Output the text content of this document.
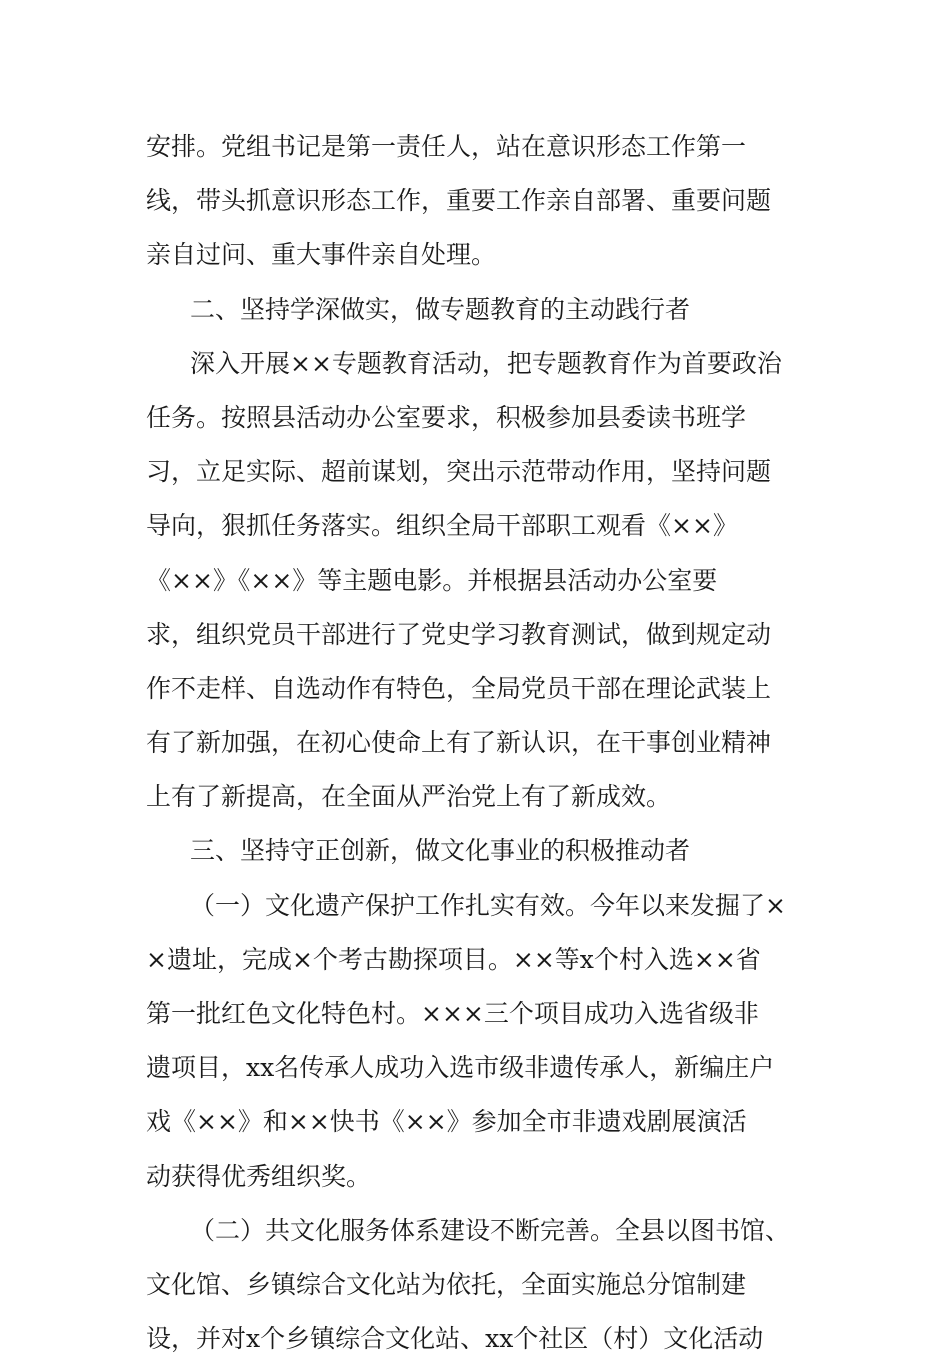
安排。党组书记是第一责任人，站在意识形态工作第一
线，带头抓意识形态工作，重要工作亲自部署、重要问题
亲自过问、重大事件亲自处理。
二、坚持学深做实，做专题教育的主动践行者
深入开展××专题教育活动，把专题教育作为首要政治
任务。按照县活动办公室要求，积极参加县委读书班学
习，立足实际、超前谋划，突出示范带动作用，坚持问题
导向，狠抓任务落实。组织全局干部职工观看《××》
《××》《××》等主题电影。并根据县活动办公室要
求，组织党员干部进行了党史学习教育测试，做到规定动
作不走样、自选动作有特色，全局党员干部在理论武装上
有了新加强，在初心使命上有了新认识，在干事创业精神
上有了新提高，在全面从严治党上有了新成效。
三、坚持守正创新，做文化事业的积极推动者
（一）文化遗产保护工作扎实有效。今年以来发掘了×
×遗址，完成×个考古勘探项目。××等x个村入选××省
第一批红色文化特色村。×××三个项目成功入选省级非
遗项目，xx名传承人成功入选市级非遗传承人，新编庄户
戏《××》和××快书《××》参加全市非遗戏剧展演活
动获得优秀组织奖。
（二）共文化服务体系建设不断完善。全县以图书馆、
文化馆、乡镇综合文化站为依托，全面实施总分馆制建
设，并对x个乡镇综合文化站、xx个社区（村）文化活动
